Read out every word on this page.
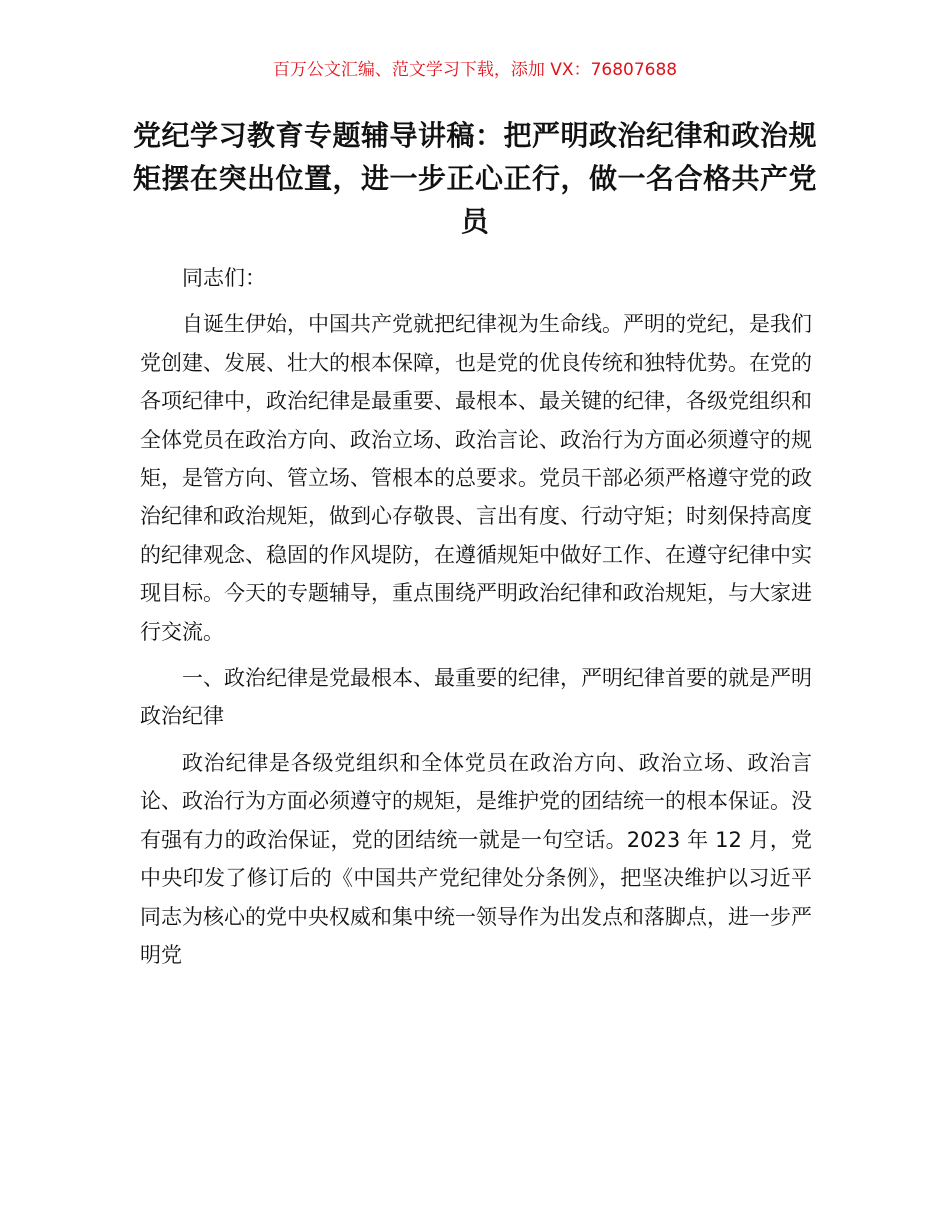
百万公文汇编、范文学习下载，添加 VX：76807688
党纪学习教育专题辅导讲稿：把严明政治纪律和政治规矩摆在突出位置，进一步正心正行，做一名合格共产党员

同志们：

自诞生伊始，中国共产党就把纪律视为生命线。严明的党纪，是我们党创建、发展、壮大的根本保障，也是党的优良传统和独特优势。在党的各项纪律中，政治纪律是最重要、最根本、最关键的纪律，各级党组织和全体党员在政治方向、政治立场、政治言论、政治行为方面必须遵守的规矩，是管方向、管立场、管根本的总要求。党员干部必须严格遵守党的政治纪律和政治规矩，做到心存敬畏、言出有度、行动守矩；时刻保持高度的纪律观念、稳固的作风堤防，在遵循规矩中做好工作、在遵守纪律中实现目标。今天的专题辅导，重点围绕严明政治纪律和政治规矩，与大家进行交流。

一、政治纪律是党最根本、最重要的纪律，严明纪律首要的就是严明政治纪律

政治纪律是各级党组织和全体党员在政治方向、政治立场、政治言论、政治行为方面必须遵守的规矩，是维护党的团结统一的根本保证。没有强有力的政治保证，党的团结统一就是一句空话。2023 年 12 月，党中央印发了修订后的《中国共产党纪律处分条例》，把坚决维护以习近平同志为核心的党中央权威和集中统一领导作为出发点和落脚点，进一步严明党
